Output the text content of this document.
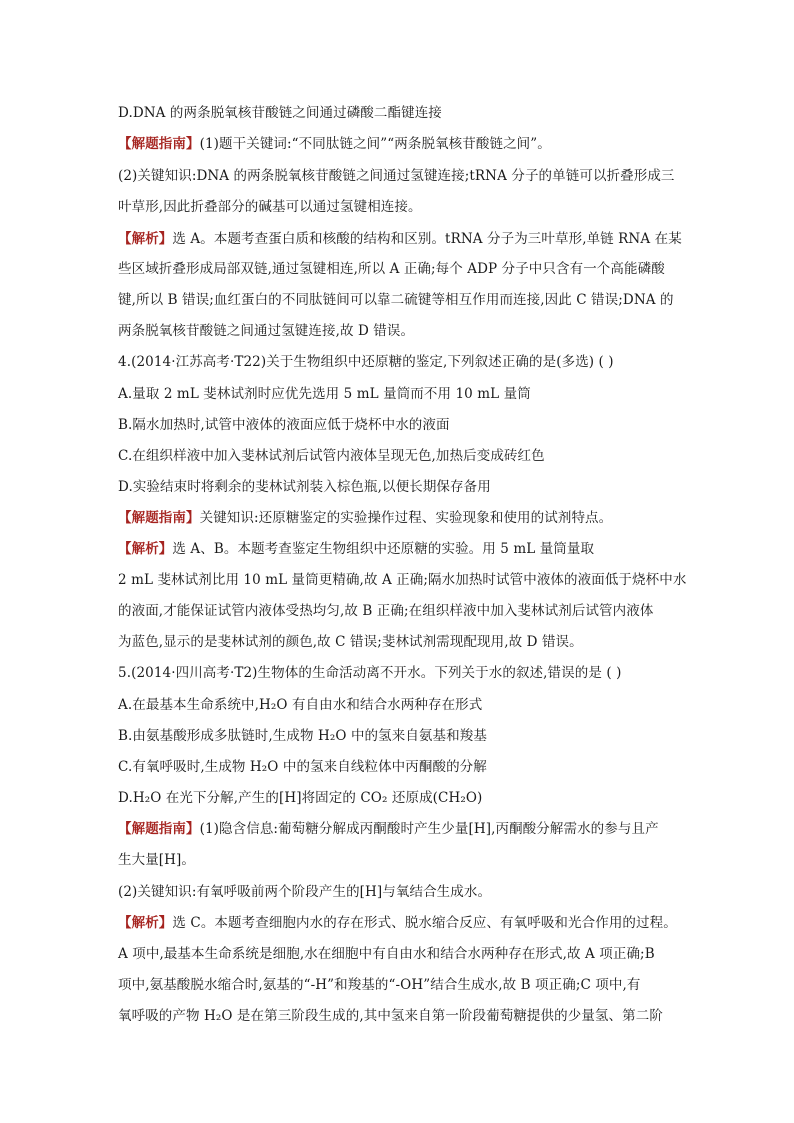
D.DNA 的两条脱氧核苷酸链之间通过磷酸二酯键连接
【解题指南】(1)题干关键词:“不同肽链之间”“两条脱氧核苷酸链之间”。
(2)关键知识:DNA 的两条脱氧核苷酸链之间通过氢键连接;tRNA 分子的单链可以折叠形成三
叶草形,因此折叠部分的碱基可以通过氢键相连接。
【解析】选 A。本题考查蛋白质和核酸的结构和区别。tRNA 分子为三叶草形,单链 RNA 在某
些区域折叠形成局部双链,通过氢键相连,所以 A 正确;每个 ADP 分子中只含有一个高能磷酸
键,所以 B 错误;血红蛋白的不同肽链间可以靠二硫键等相互作用而连接,因此 C 错误;DNA 的
两条脱氧核苷酸链之间通过氢键连接,故 D 错误。
4.(2014·江苏高考·T22)关于生物组织中还原糖的鉴定,下列叙述正确的是(多选) ( )
A.量取 2 mL 斐林试剂时应优先选用 5 mL 量筒而不用 10 mL 量筒
B.隔水加热时,试管中液体的液面应低于烧杯中水的液面
C.在组织样液中加入斐林试剂后试管内液体呈现无色,加热后变成砖红色
D.实验结束时将剩余的斐林试剂装入棕色瓶,以便长期保存备用
【解题指南】关键知识:还原糖鉴定的实验操作过程、实验现象和使用的试剂特点。
【解析】选 A、B。本题考查鉴定生物组织中还原糖的实验。用 5 mL 量筒量取
2 mL 斐林试剂比用 10 mL 量筒更精确,故 A 正确;隔水加热时试管中液体的液面低于烧杯中水
的液面,才能保证试管内液体受热均匀,故 B 正确;在组织样液中加入斐林试剂后试管内液体
为蓝色,显示的是斐林试剂的颜色,故 C 错误;斐林试剂需现配现用,故 D 错误。
5.(2014·四川高考·T2)生物体的生命活动离不开水。下列关于水的叙述,错误的是 ( )
A.在最基本生命系统中,H₂O 有自由水和结合水两种存在形式
B.由氨基酸形成多肽链时,生成物 H₂O 中的氢来自氨基和羧基
C.有氧呼吸时,生成物 H₂O 中的氢来自线粒体中丙酮酸的分解
D.H₂O 在光下分解,产生的[H]将固定的 CO₂ 还原成(CH₂O)
【解题指南】(1)隐含信息:葡萄糖分解成丙酮酸时产生少量[H],丙酮酸分解需水的参与且产
生大量[H]。
(2)关键知识:有氧呼吸前两个阶段产生的[H]与氧结合生成水。
【解析】选 C。本题考查细胞内水的存在形式、脱水缩合反应、有氧呼吸和光合作用的过程。
A 项中,最基本生命系统是细胞,水在细胞中有自由水和结合水两种存在形式,故 A 项正确;B
项中,氨基酸脱水缩合时,氨基的“-H”和羧基的“-OH”结合生成水,故 B 项正确;C 项中,有
氧呼吸的产物 H₂O 是在第三阶段生成的,其中氢来自第一阶段葡萄糖提供的少量氢、第二阶
